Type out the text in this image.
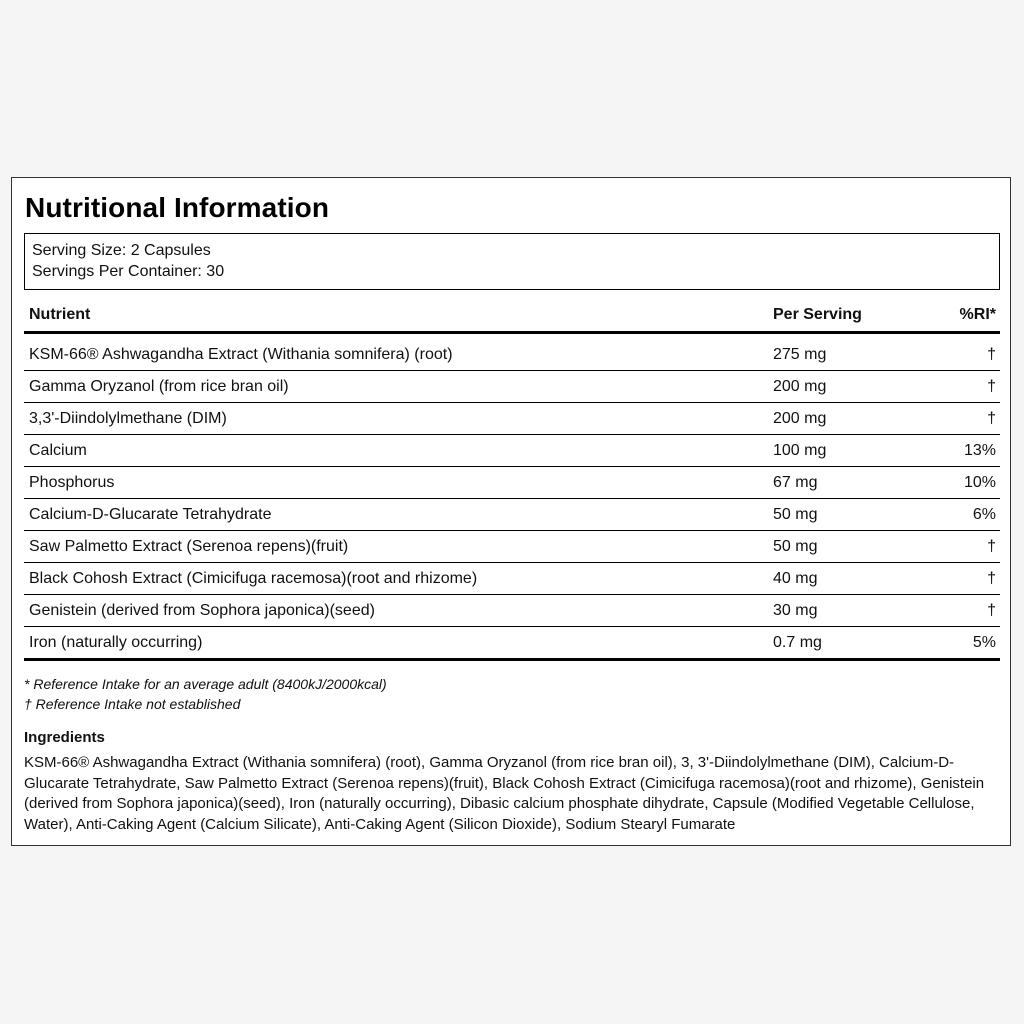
Nutritional Information
Serving Size: 2 Capsules
Servings Per Container: 30
Nutrient	Per Serving	%RI*
KSM-66® Ashwagandha Extract (Withania somnifera) (root)	275 mg	†
Gamma Oryzanol (from rice bran oil)	200 mg	†
3,3'-Diindolylmethane (DIM)	200 mg	†
Calcium	100 mg	13%
Phosphorus	67 mg	10%
Calcium-D-Glucarate Tetrahydrate	50 mg	6%
Saw Palmetto Extract (Serenoa repens)(fruit)	50 mg	†
Black Cohosh Extract (Cimicifuga racemosa)(root and rhizome)	40 mg	†
Genistein (derived from Sophora japonica)(seed)	30 mg	†
Iron (naturally occurring)	0.7 mg	5%
* Reference Intake for an average adult (8400kJ/2000kcal)
† Reference Intake not established
Ingredients
KSM-66® Ashwagandha Extract (Withania somnifera) (root), Gamma Oryzanol (from rice bran oil), 3, 3'-Diindolylmethane (DIM), Calcium-D-Glucarate Tetrahydrate, Saw Palmetto Extract (Serenoa repens)(fruit), Black Cohosh Extract (Cimicifuga racemosa)(root and rhizome), Genistein (derived from Sophora japonica)(seed), Iron (naturally occurring), Dibasic calcium phosphate dihydrate, Capsule (Modified Vegetable Cellulose, Water), Anti-Caking Agent (Calcium Silicate), Anti-Caking Agent (Silicon Dioxide), Sodium Stearyl Fumarate
